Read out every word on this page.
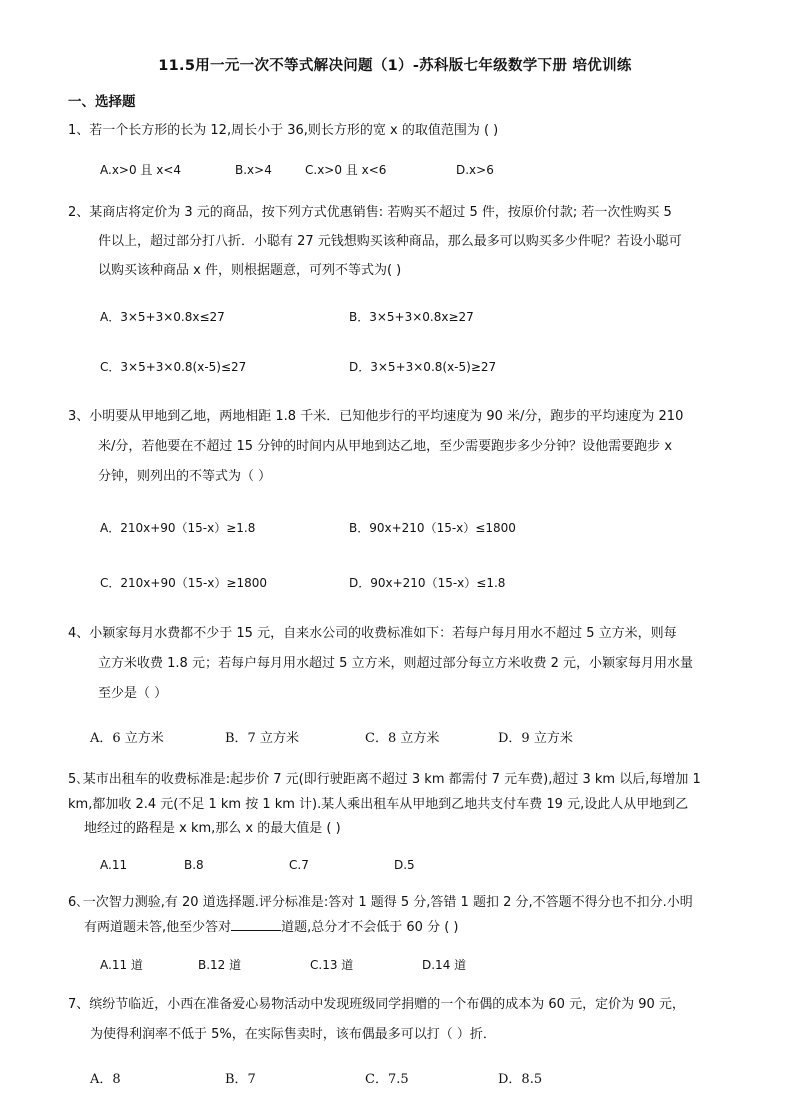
11.5用一元一次不等式解决问题（1）-苏科版七年级数学下册 培优训练
一、选择题
1、若一个长方形的长为 12,周长小于 36,则长方形的宽 x 的取值范围为 ( )
A.x>0 且 x<4	B.x>4	C.x>0 且 x<6	D.x>6
2、某商店将定价为 3 元的商品，按下列方式优惠销售: 若购买不超过 5 件，按原价付款; 若一次性购买 5
件以上，超过部分打八折．小聪有 27 元钱想购买该种商品，那么最多可以购买多少件呢？若设小聪可
以购买该种商品 x 件，则根据题意，可列不等式为( )
A．3×5+3×0.8x≤27	B．3×5+3×0.8x≥27
C．3×5+3×0.8(x-5)≤27	D．3×5+3×0.8(x-5)≥27
3、小明要从甲地到乙地，两地相距 1.8 千米．已知他步行的平均速度为 90 米/分，跑步的平均速度为 210
米/分，若他要在不超过 15 分钟的时间内从甲地到达乙地，至少需要跑步多少分钟？设他需要跑步 x
分钟，则列出的不等式为（ ）
A．210x+90（15-x）≥1.8	B．90x+210（15-x）≤1800
C．210x+90（15-x）≥1800	D．90x+210（15-x）≤1.8
4、小颖家每月水费都不少于 15 元，自来水公司的收费标准如下：若每户每月用水不超过 5 立方米，则每
立方米收费 1.8 元；若每户每月用水超过 5 立方米，则超过部分每立方米收费 2 元，小颖家每月用水量
至少是（ ）
A．6 立方米	B．7 立方米	C．8 立方米	D．9 立方米
5､某市出租车的收费标准是:起步价 7 元(即行驶距离不超过 3 km 都需付 7 元车费),超过 3 km 以后,每增加 1
km,都加收 2.4 元(不足 1 km 按 1 km 计).某人乘出租车从甲地到乙地共支付车费 19 元,设此人从甲地到乙
地经过的路程是 x km,那么 x 的最大值是 ( )
A.11	B.8	C.7	D.5
6､一次智力测验,有 20 道选择题.评分标准是:答对 1 题得 5 分,答错 1 题扣 2 分,不答题不得分也不扣分.小明
有两道题未答,他至少答对	道题,总分才不会低于 60 分 ( )
A.11 道	B.12 道	C.13 道	D.14 道
7、缤纷节临近，小西在准备爱心易物活动中发现班级同学捐赠的一个布偶的成本为 60 元，定价为 90 元，
为使得利润率不低于 5%，在实际售卖时，该布偶最多可以打（ ）折．
A．8	B．7	C．7.5	D．8.5
